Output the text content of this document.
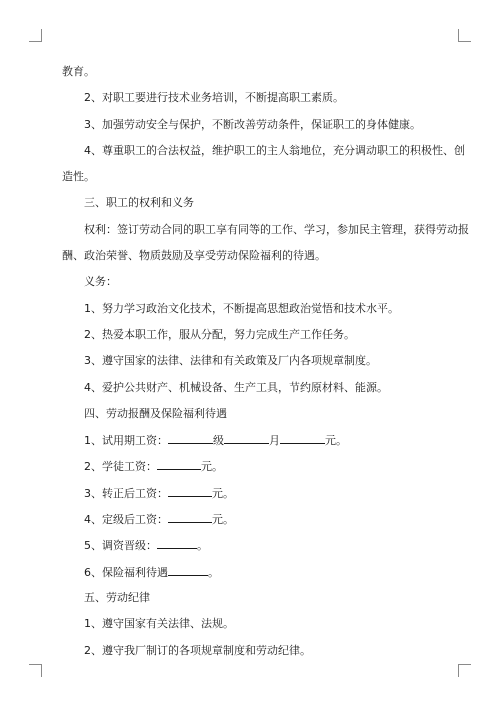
教育。
2、对职工要进行技术业务培训，不断提高职工素质。
3、加强劳动安全与保护，不断改善劳动条件，保证职工的身体健康。
4、尊重职工的合法权益，维护职工的主人翁地位，充分调动职工的积极性、创
造性。
三、职工的权利和义务
权利：签订劳动合同的职工享有同等的工作、学习，参加民主管理，获得劳动报
酬、政治荣誉、物质鼓励及享受劳动保险福利的待遇。
义务：
1、努力学习政治文化技术，不断提高思想政治觉悟和技术水平。
2、热爱本职工作，服从分配，努力完成生产工作任务。
3、遵守国家的法律、法律和有关政策及厂内各项规章制度。
4、爱护公共财产、机械设备、生产工具，节约原材料、能源。
四、劳动报酬及保险福利待遇
1、试用期工资：	级	月	元。
2、学徒工资：	元。
3、转正后工资：	元。
4、定级后工资：	元。
5、调资晋级：	。
6、保险福利待遇	。
五、劳动纪律
1、遵守国家有关法律、法规。
2、遵守我厂制订的各项规章制度和劳动纪律。
